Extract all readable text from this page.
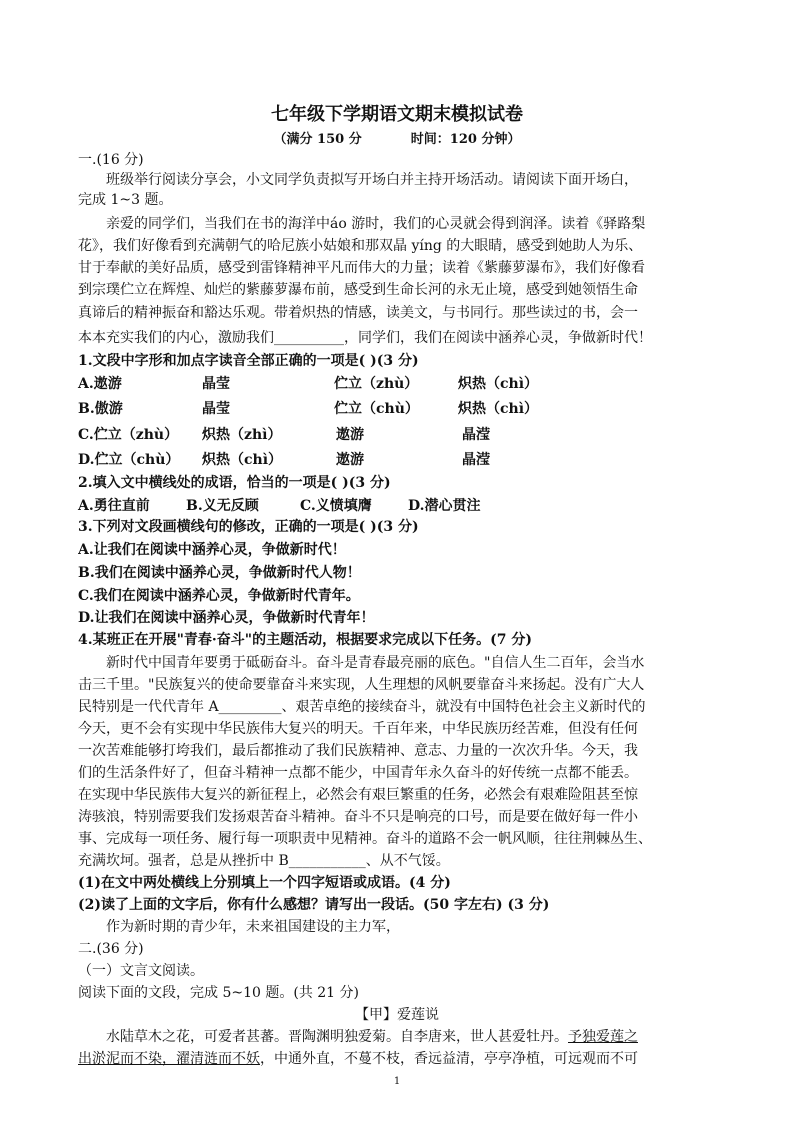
七年级下学期语文期末模拟试卷
（满分 150 分	时间：120 分钟）
一.(16 分)
班级举行阅读分享会，小文同学负责拟写开场白并主持开场活动。请阅读下面开场白，
完成 1~3 题。
亲爱的同学们，当我们在书的海洋中áo 游时，我们的心灵就会得到润泽。读着《驿路梨
花》，我们好像看到充满朝气的哈尼族小姑娘和那双晶 yíng 的大眼睛，感受到她助人为乐、
甘于奉献的美好品质，感受到雷锋精神平凡而伟大的力量；读着《紫藤萝瀑布》，我们好像看
到宗璞伫立在辉煌、灿烂的紫藤萝瀑布前，感受到生命长河的永无止境，感受到她领悟生命
真谛后的精神振奋和豁达乐观。带着炽热的情感，读美文，与书同行。那些读过的书，会一
本本充实我们的内心，激励我们__________，同学们，我们在阅读中涵养心灵，争做新时代！
1.文段中字形和加点字读音全部正确的一项是( )(3 分)
A.遨游	晶莹	伫立（zhù）	炽热（chì）
B.傲游	晶莹	伫立（chù）	炽热（chì）
C.伫立（zhù） 炽热（zhì）	遨游	晶滢
D.伫立（chù） 炽热（chì）	遨游	晶滢
2.填入文中横线处的成语，恰当的一项是( )(3 分)
A.勇往直前	B.义无反顾	C.义愤填膺	D.潜心贯注
3.下列对文段画横线句的修改，正确的一项是( )(3 分)
A.让我们在阅读中涵养心灵，争做新时代！
B.我们在阅读中涵养心灵，争做新时代人物！
C.我们在阅读中涵养心灵，争做新时代青年。
D.让我们在阅读中涵养心灵，争做新时代青年！
4.某班正在开展"青春·奋斗"的主题活动，根据要求完成以下任务。(7 分)
新时代中国青年要勇于砥砺奋斗。奋斗是青春最亮丽的底色。"自信人生二百年，会当水
击三千里。"民族复兴的使命要靠奋斗来实现，人生理想的风帆要靠奋斗来扬起。没有广大人
民特别是一代代青年 A_________、艰苦卓绝的接续奋斗，就没有中国特色社会主义新时代的
今天，更不会有实现中华民族伟大复兴的明天。千百年来，中华民族历经苦难，但没有任何
一次苦难能够打垮我们，最后都推动了我们民族精神、意志、力量的一次次升华。今天，我
们的生活条件好了，但奋斗精神一点都不能少，中国青年永久奋斗的好传统一点都不能丢。
在实现中华民族伟大复兴的新征程上，必然会有艰巨繁重的任务，必然会有艰难险阻甚至惊
涛骇浪，特别需要我们发扬艰苦奋斗精神。奋斗不只是响亮的口号，而是要在做好每一件小
事、完成每一项任务、履行每一项职责中见精神。奋斗的道路不会一帆风顺，往往荆棘丛生、
充满坎坷。强者，总是从挫折中 B___________、从不气馁。
(1)在文中两处横线上分别填上一个四字短语或成语。(4 分)
(2)读了上面的文字后，你有什么感想？请写出一段话。(50 字左右) (3 分)
作为新时期的青少年，未来祖国建设的主力军，
二.(36 分)
（一）文言文阅读。
阅读下面的文段，完成 5~10 题。(共 21 分)
【甲】爱莲说
水陆草木之花，可爱者甚蕃。晋陶渊明独爱菊。自李唐来，世人甚爱牡丹。予独爱莲之
出淤泥而不染，濯清涟而不妖，中通外直，不蔓不枝，香远益清，亭亭净植，可远观而不可
1
